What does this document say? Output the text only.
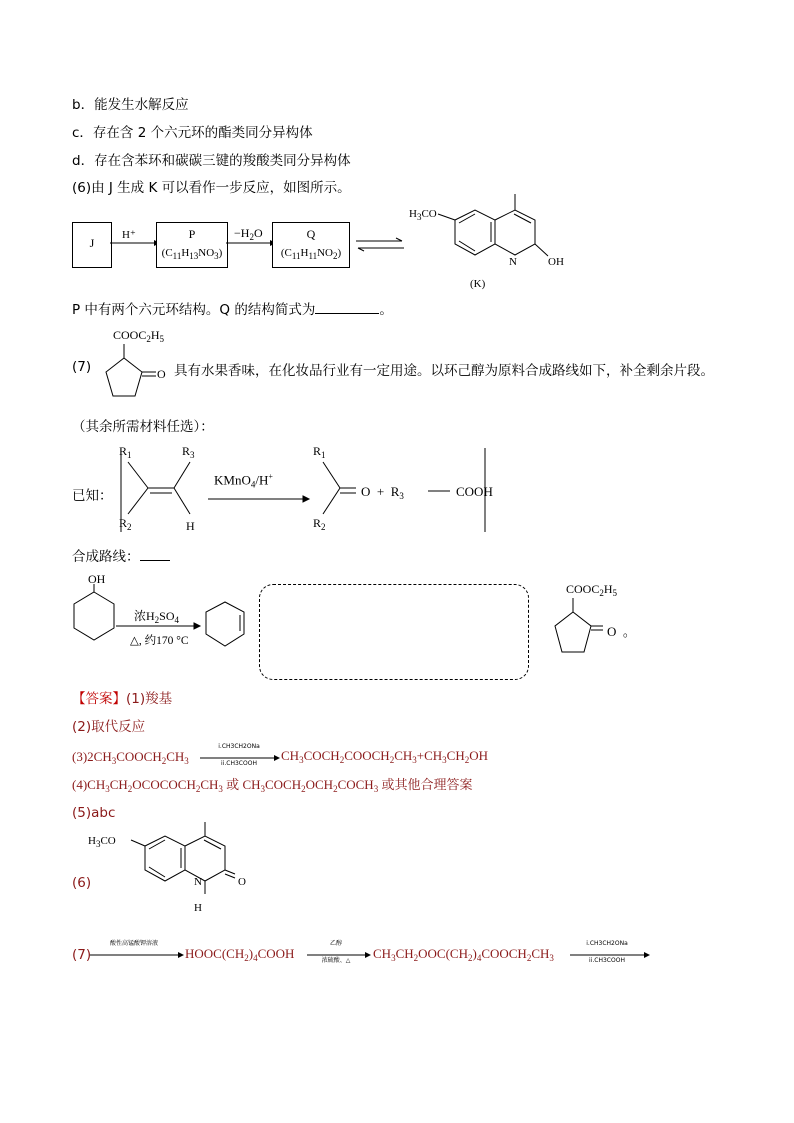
b．能发生水解反应
c．存在含 2 个六元环的酯类同分异构体
d．存在含苯环和碳碳三键的羧酸类同分异构体
(6)由 J 生成 K 可以看作一步反应，如图所示。
J
H⁺	P
$(C_{11}H_{13}NO_3)$
$-H_2O$	Q
$(C_{11}H_{11}NO_2)$
$H_3CO$
N	OH
(K)
P 中有两个六元环结构。Q 的结构简式为	。
$COOC_2H_5$
(7)	O 具有水果香味，在化妆品行业有一定用途。以环己醇为原料合成路线如下，补全剩余片段。
（其余所需材料任选）：
已知：
$R_1$	$R_3$
$R_2$	H
KMnO$_4$/H+
$R_1$
$R_2$
$O + R_3$	COOH
合成路线：
OH
浓$H_2SO_4$
△, 约170 °C
$COOC_2H_5$
O 。
【答案】(1)羧基
(2)取代反应
$(3)2CH_3COOCH_2CH_3$
i.CH3CH2ONa
ii.CH3COOH
$CH_3COCH_2COOCH_2CH_3+CH_3CH_2OH$
$(4)CH_3CH_2OCOCOCH_2CH_3$ 或 $CH_3COCH_2OCH_2COCH_3$ 或其他合理答案
(5)abc
(6)
$H_3CO$
N	O
H
(7)
酸性高锰酸钾溶液
$HOOC(CH_2)_4COOH$
乙醇
浓硫酸、△	$CH_3CH_2OOC(CH_2)_4COOCH_2CH_3$
i.CH3CH2ONa
ii.CH3COOH
